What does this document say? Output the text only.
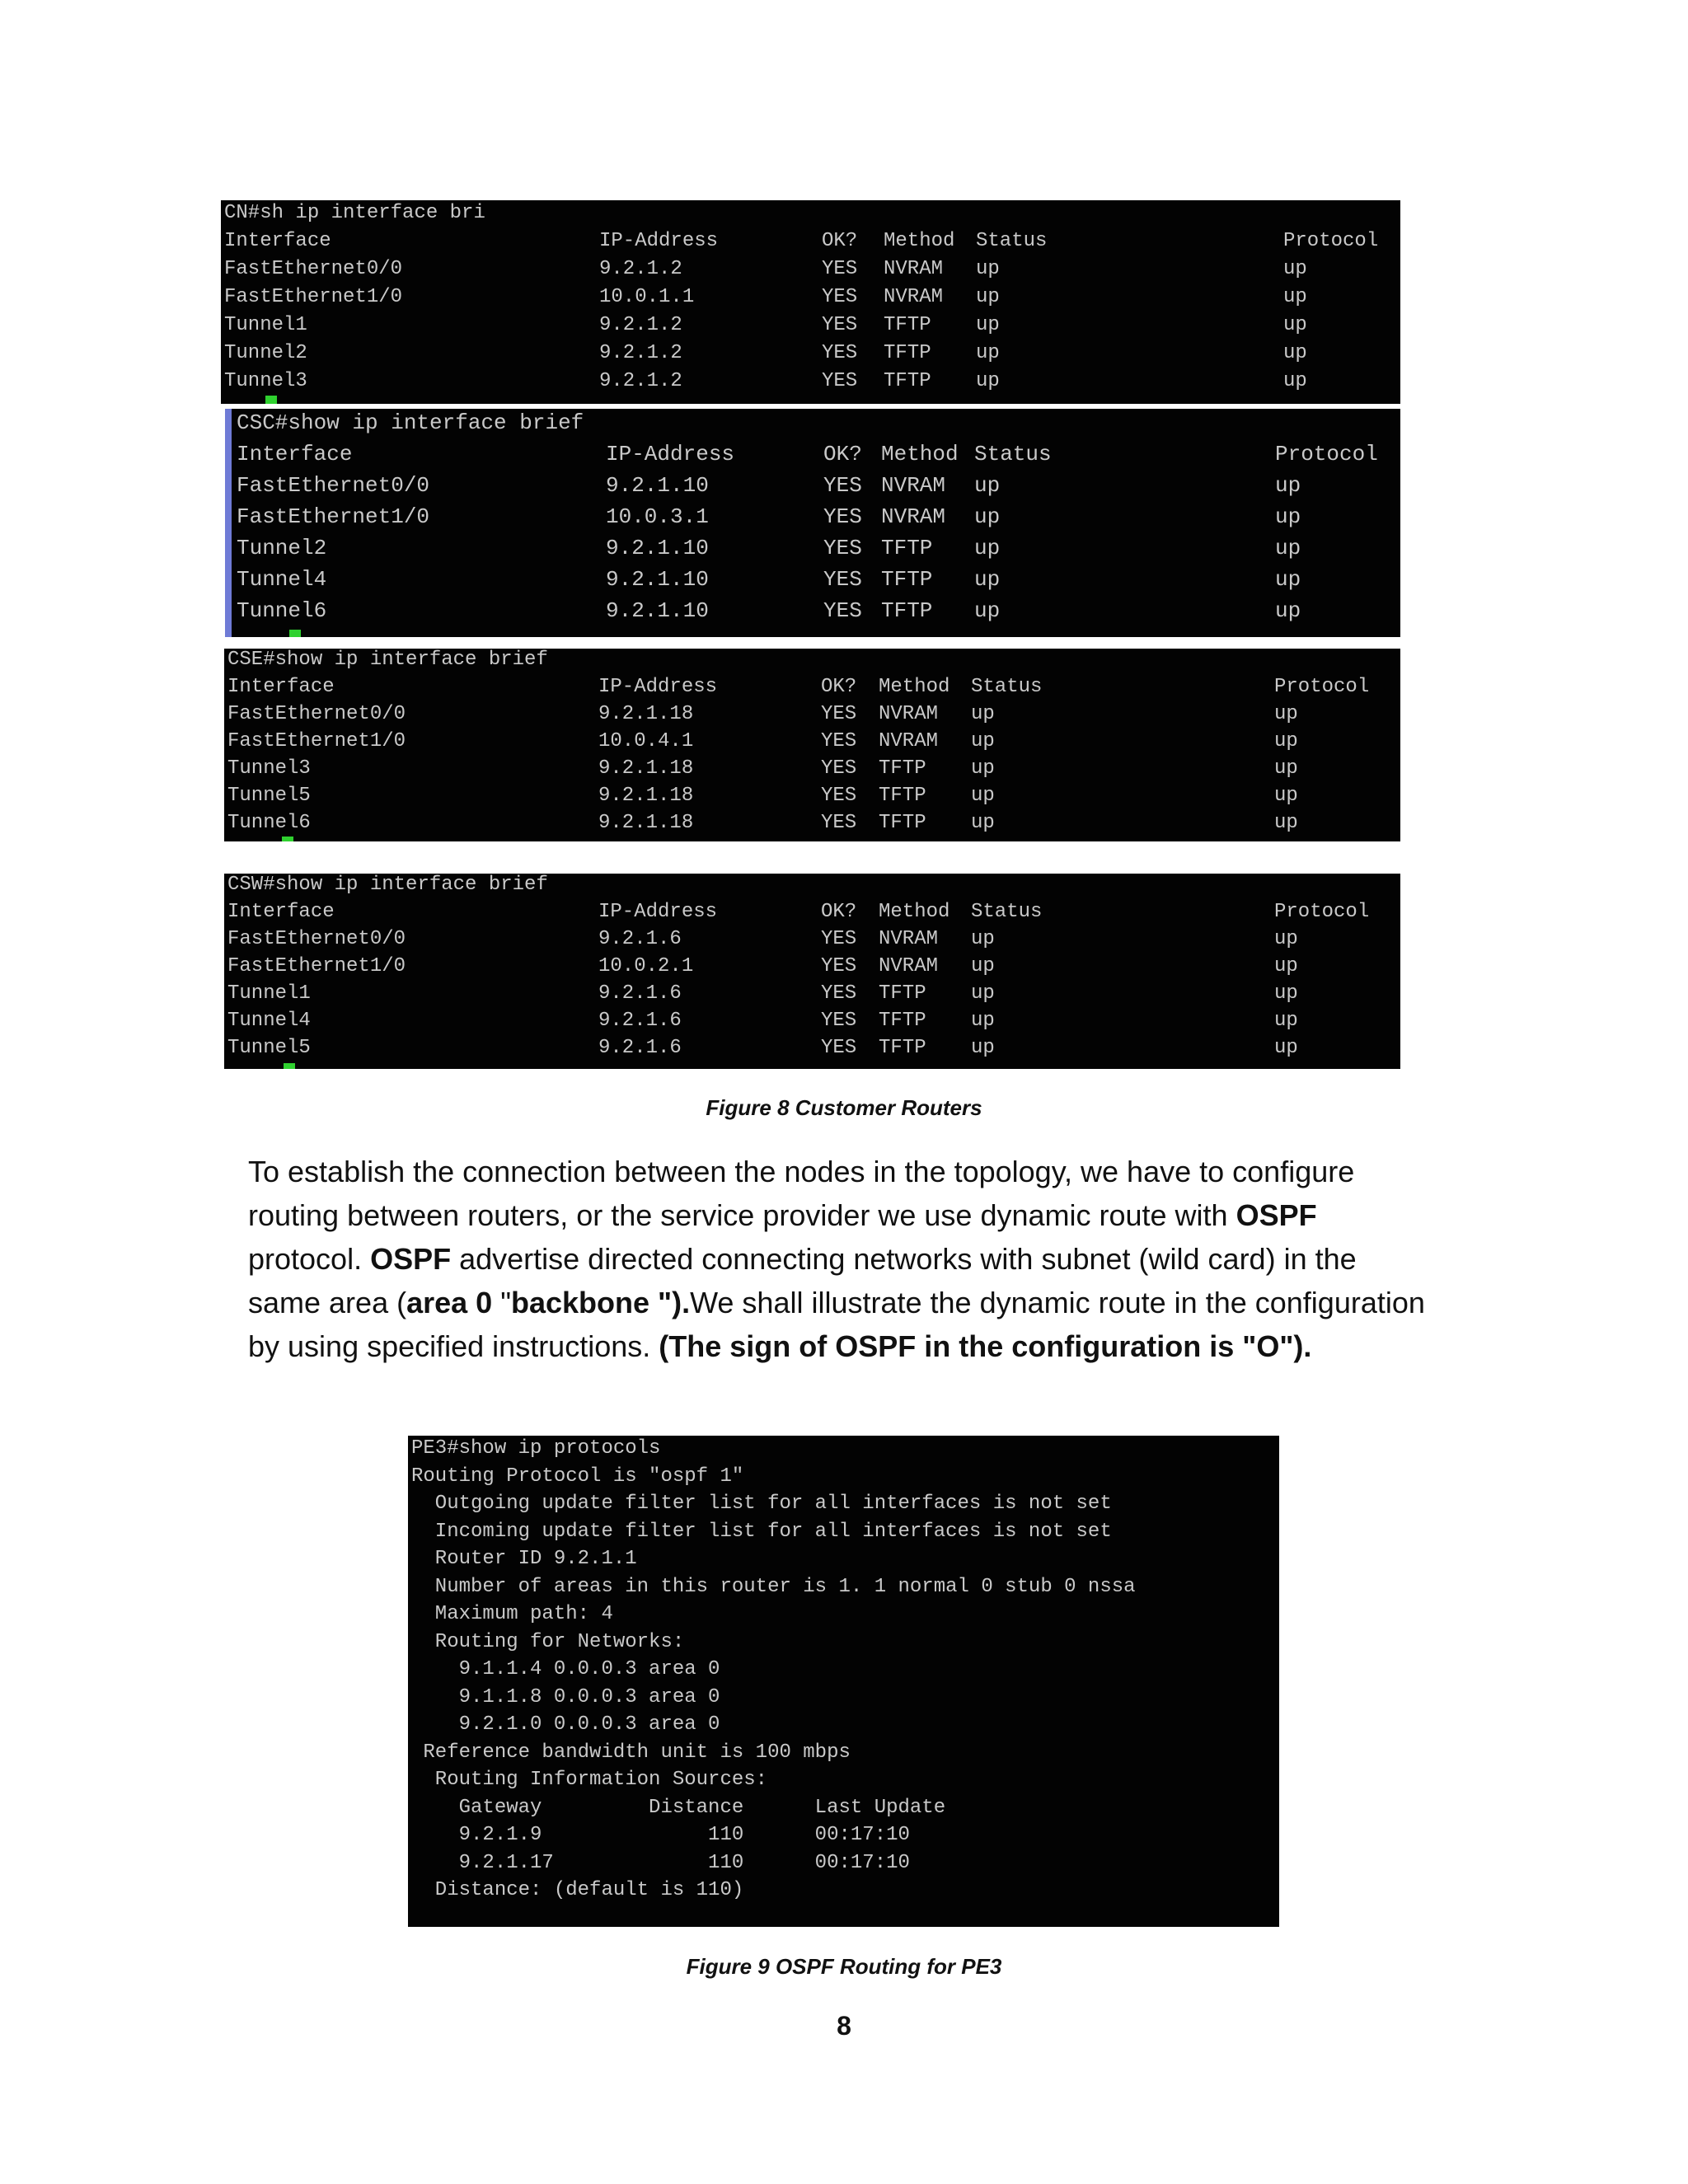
CN#sh ip interface bri

Interface	IP-Address	OK? Method Status	Protocol

FastEthernet0/0	9.2.1.2	YES NVRAM up	up

FastEthernet1/0	10.0.1.1	YES NVRAM up	up

Tunnel1	9.2.1.2	YES TFTP up	up

Tunnel2	9.2.1.2	YES TFTP up	up

Tunnel3	9.2.1.2	YES TFTP up	up

CSC#show ip interface brief

Interface	IP-Address	OK? Method Status	Protocol

FastEthernet0/0	9.2.1.10	YES NVRAM up	up

FastEthernet1/0	10.0.3.1	YES NVRAM up	up

Tunnel2	9.2.1.10	YES TFTP up	up

Tunnel4	9.2.1.10	YES TFTP up	up

Tunnel6	9.2.1.10	YES TFTP up	up

CSE#show ip interface brief

Interface	IP-Address	OK? Method Status	Protocol

FastEthernet0/0	9.2.1.18	YES NVRAM up	up

FastEthernet1/0	10.0.4.1	YES NVRAM up	up

Tunnel3	9.2.1.18	YES TFTP up	up

Tunnel5	9.2.1.18	YES TFTP up	up

Tunnel6	9.2.1.18	YES TFTP up	up

CSW#show ip interface brief

Interface	IP-Address	OK? Method Status	Protocol

FastEthernet0/0	9.2.1.6	YES NVRAM up	up

FastEthernet1/0	10.0.2.1	YES NVRAM up	up

Tunnel1	9.2.1.6	YES TFTP up	up

Tunnel4	9.2.1.6	YES TFTP up	up

Tunnel5	9.2.1.6	YES TFTP up	up

Figure 8 Customer Routers
To establish the connection between the nodes in the topology, we have to configure routing between routers, or the service provider we use dynamic route with OSPF protocol. OSPF advertise directed connecting networks with subnet (wild card) in the same area (area 0 "backbone ").We shall illustrate the dynamic route in the configuration by using specified instructions. (The sign of OSPF in the configuration is "O").
PE3#show ip protocols
Routing Protocol is "ospf 1"
Outgoing update filter list for all interfaces is not set
Incoming update filter list for all interfaces is not set
Router ID 9.2.1.1
Number of areas in this router is 1. 1 normal 0 stub 0 nssa
Maximum path: 4
Routing for Networks:
9.1.1.4 0.0.0.3 area 0
9.1.1.8 0.0.0.3 area 0
9.2.1.0 0.0.0.3 area 0
Reference bandwidth unit is 100 mbps
Routing Information Sources:
Gateway         Distance      Last Update
9.2.1.9              110      00:17:10
9.2.1.17             110      00:17:10
Distance: (default is 110)
Figure 9 OSPF Routing for PE3
8
